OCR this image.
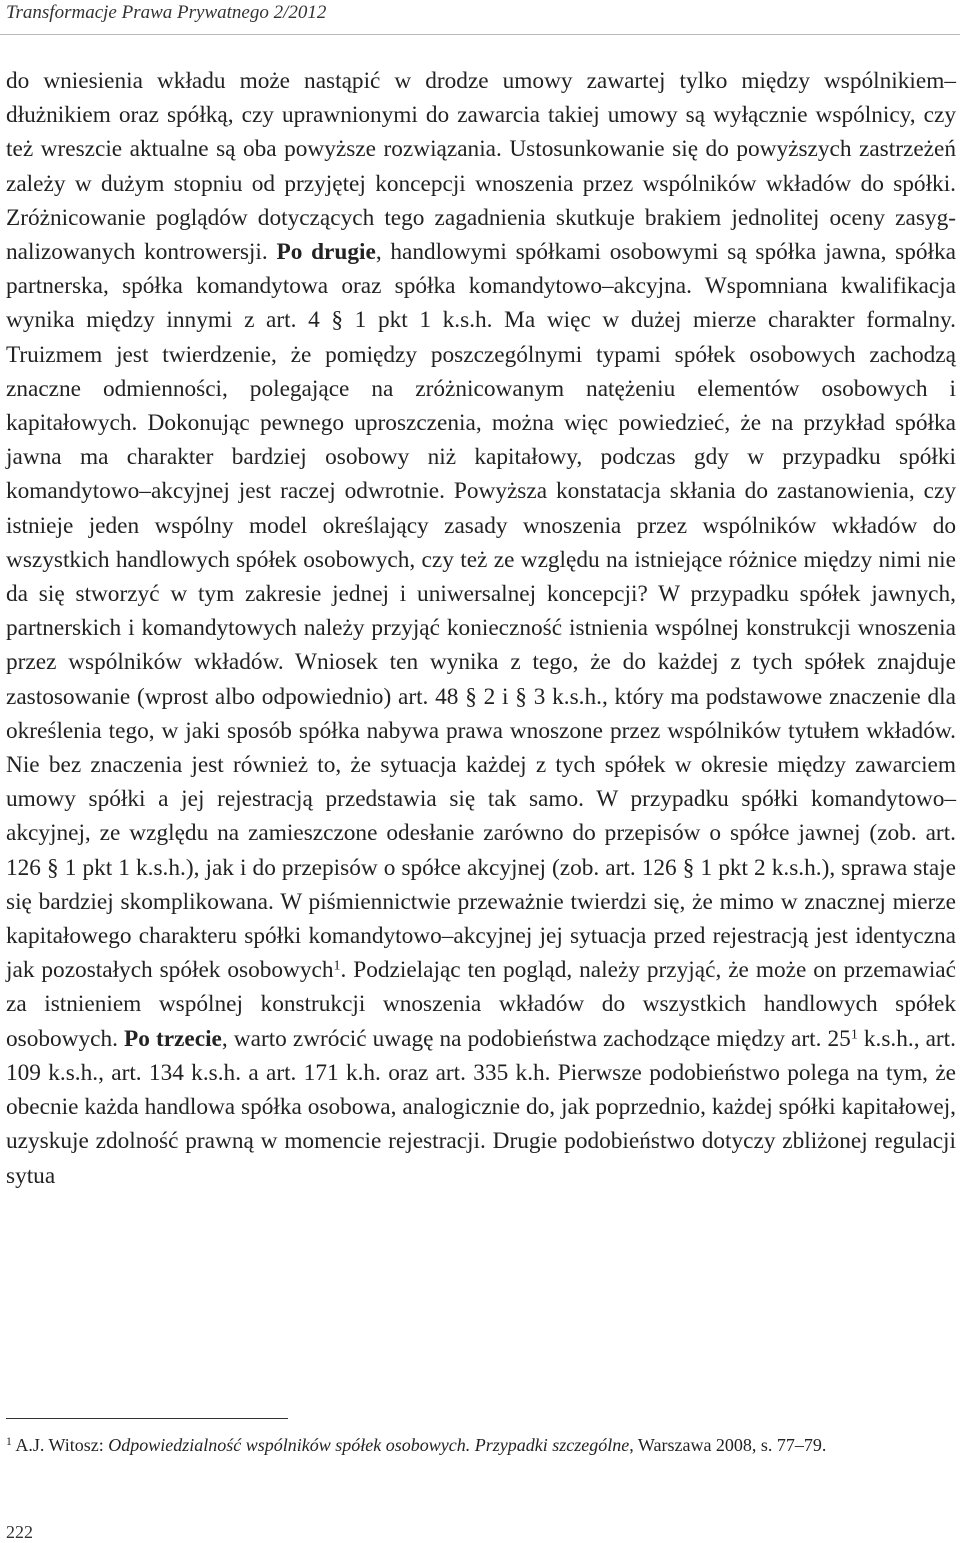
Transformacje Prawa Prywatnego 2/2012

do wniesienia wkładu może nastąpić w drodze umowy zawartej tylko między wspólnikiem–dłużnikiem oraz spółką, czy uprawnionymi do zawarcia takiej umowy są wyłącznie wspólnicy, czy też wreszcie aktualne są oba powyższe rozwiązania. Ustosunkowanie się do powyższych zastrzeżeń zależy w dużym stopniu od przyjętej koncepcji wnoszenia przez wspólników wkładów do spółki. Zróżnicowanie poglądów dotyczących tego zagadnienia skutkuje brakiem jednolitej oceny zasygnalizowanych kontrowersji. Po drugie, handlowymi spółkami osobowymi są spółka jawna, spółka partnerska, spółka komandytowa oraz spółka komandytowo–akcyjna. Wspomniana kwalifikacja wynika między innymi z art. 4 § 1 pkt 1 k.s.h. Ma więc w dużej mierze charakter formalny. Truizmem jest twierdzenie, że pomiędzy poszczególnymi typami spółek osobowych zachodzą znaczne odmienności, polegające na zróżnicowanym natężeniu elementów osobowych i kapitałowych. Dokonując pewnego uproszczenia, można więc powiedzieć, że na przykład spółka jawna ma charakter bardziej osobowy niż kapitałowy, podczas gdy w przypadku spółki komandytowo–akcyjnej jest raczej odwrotnie. Powyższa konstatacja skłania do zastanowienia, czy istnieje jeden wspólny model określający zasady wnoszenia przez wspólników wkładów do wszystkich handlowych spółek osobowych, czy też ze względu na istniejące różnice między nimi nie da się stworzyć w tym zakresie jednej i uniwersalnej koncepcji? W przypadku spółek jawnych, partnerskich i komandytowych należy przyjąć konieczność istnienia wspólnej konstrukcji wnoszenia przez wspólników wkładów. Wniosek ten wynika z tego, że do każdej z tych spółek znajduje zastosowanie (wprost albo odpowiednio) art. 48 § 2 i § 3 k.s.h., który ma podstawowe znaczenie dla określenia tego, w jaki sposób spółka nabywa prawa wnoszone przez wspólników tytułem wkładów. Nie bez znaczenia jest również to, że sytuacja każdej z tych spółek w okresie między zawarciem umowy spółki a jej rejestracją przedstawia się tak samo. W przypadku spółki komandytowo–akcyjnej, ze względu na zamieszczone odesłanie zarówno do przepisów o spółce jawnej (zob. art. 126 § 1 pkt 1 k.s.h.), jak i do przepisów o spółce akcyjnej (zob. art. 126 § 1 pkt 2 k.s.h.), sprawa staje się bardziej skomplikowana. W piśmiennictwie przeważnie twierdzi się, że mimo w znacznej mierze kapitałowego charakteru spółki komandytowo–akcyjnej jej sytuacja przed rejestracją jest identyczna jak pozostałych spółek osobowych$^1$. Podzielając ten pogląd, należy przyjąć, że może on przemawiać za istnieniem wspólnej konstrukcji wnoszenia wkładów do wszystkich handlowych spółek osobowych. Po trzecie, warto zwrócić uwagę na podobieństwa zachodzące między art. $25^1$ k.s.h., art. 109 k.s.h., art. 134 k.s.h. a art. 171 k.h. oraz art. 335 k.h. Pierwsze podobieństwo polega na tym, że obecnie każda handlowa spółka osobowa, analogicznie do, jak poprzednio, każdej spółki kapitałowej, uzyskuje zdolność prawną w momencie rejestracji. Drugie podobieństwo dotyczy zbliżonej regulacji sytua

$^1$ A.J. Witosz: Odpowiedzialność wspólników spółek osobowych. Przypadki szczególne, Warszawa 2008, s. 77–79.

222
